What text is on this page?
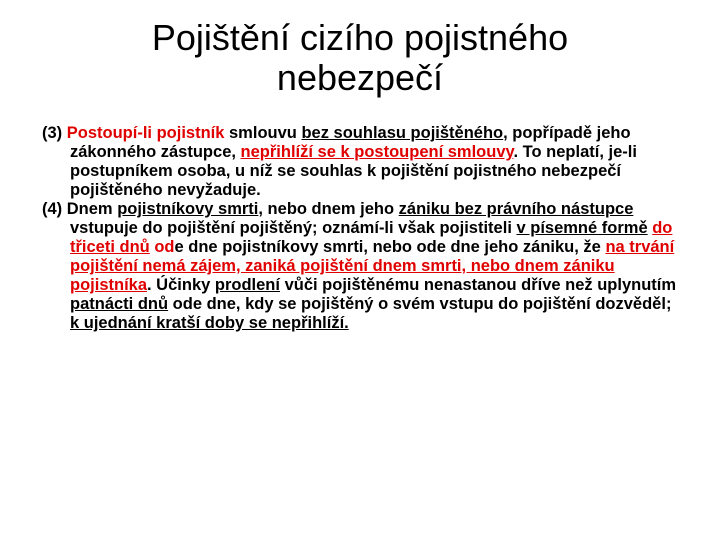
Pojištění cizího pojistného
nebezpečí

(3) Postoupí-li pojistník smlouvu bez souhlasu pojištěného, popřípadě jeho zákonného zástupce, nepřihlíží se k postoupení smlouvy. To neplatí, je-li postupníkem osoba, u níž se souhlas k pojištění pojistného nebezpečí pojištěného nevyžaduje.

(4) Dnem pojistníkovy smrti, nebo dnem jeho zániku bez právního nástupce vstupuje do pojištění pojištěný; oznámí-li však pojistiteli v písemné formě do třiceti dnů ode dne pojistníkovy smrti, nebo ode dne jeho zániku, že na trvání pojištění nemá zájem, zaniká pojištění dnem smrti, nebo dnem zániku pojistníka. Účinky prodlení vůči pojištěnému nenastanou dříve než uplynutím patnácti dnů ode dne, kdy se pojištěný o svém vstupu do pojištění dozvěděl; k ujednání kratší doby se nepřihlíží.
